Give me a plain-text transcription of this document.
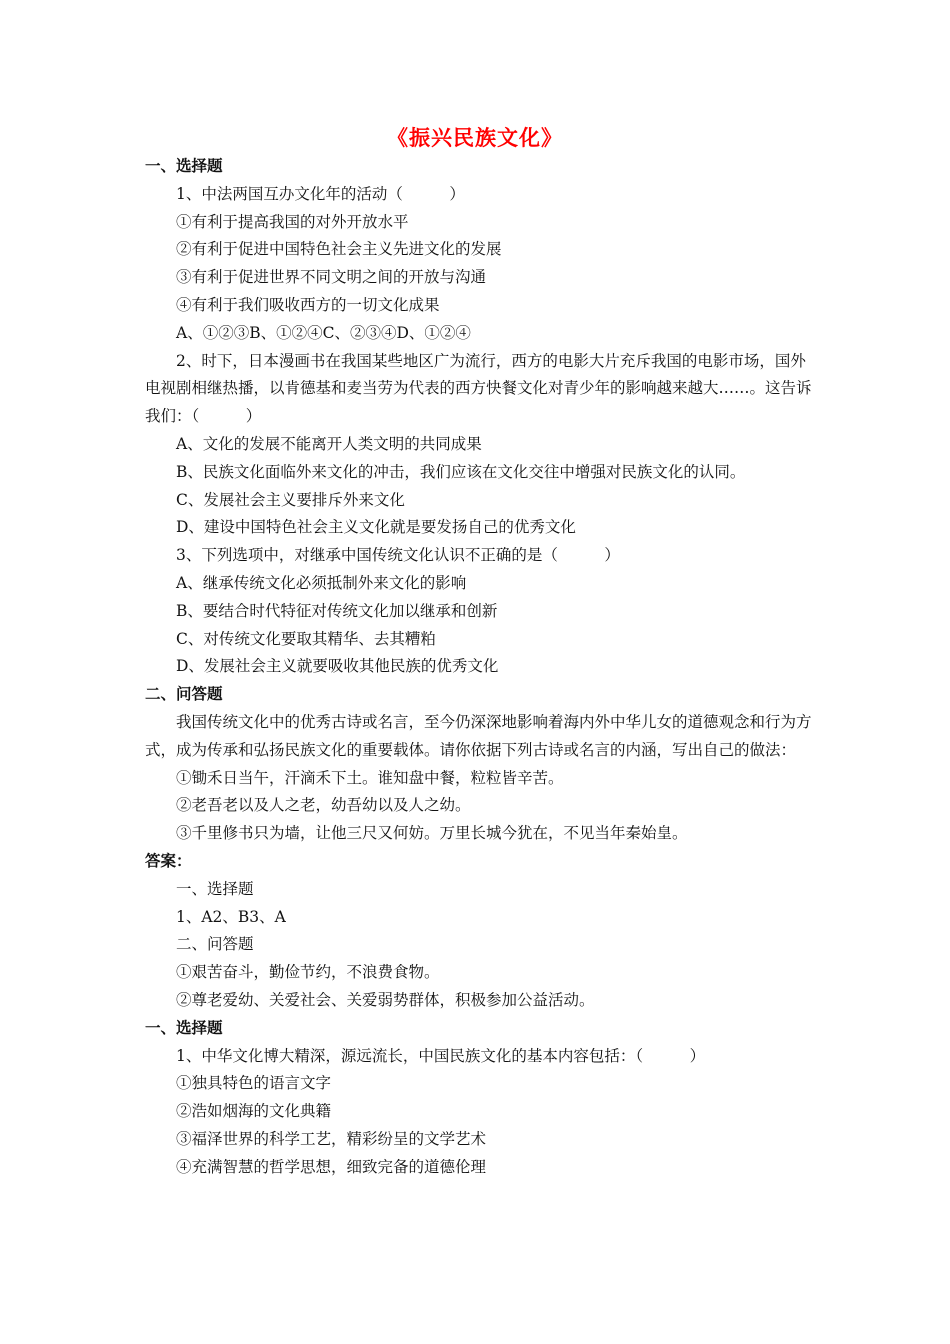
《振兴民族文化》
一、选择题
1、中法两国互办文化年的活动（　　　）
①有利于提高我国的对外开放水平
②有利于促进中国特色社会主义先进文化的发展
③有利于促进世界不同文明之间的开放与沟通
④有利于我们吸收西方的一切文化成果
A、①②③B、①②④C、②③④D、①②④
2、时下，日本漫画书在我国某些地区广为流行，西方的电影大片充斥我国的电影市场，国外电视剧相继热播，以肯德基和麦当劳为代表的西方快餐文化对青少年的影响越来越大……。这告诉我们：（　　　）
A、文化的发展不能离开人类文明的共同成果
B、民族文化面临外来文化的冲击，我们应该在文化交往中增强对民族文化的认同。
C、发展社会主义要排斥外来文化
D、建设中国特色社会主义文化就是要发扬自己的优秀文化
3、下列选项中，对继承中国传统文化认识不正确的是（　　　）
A、继承传统文化必须抵制外来文化的影响
B、要结合时代特征对传统文化加以继承和创新
C、对传统文化要取其精华、去其糟粕
D、发展社会主义就要吸收其他民族的优秀文化
二、问答题
我国传统文化中的优秀古诗或名言，至今仍深深地影响着海内外中华儿女的道德观念和行为方式，成为传承和弘扬民族文化的重要载体。请你依据下列古诗或名言的内涵，写出自己的做法：
①锄禾日当午，汗滴禾下土。谁知盘中餐，粒粒皆辛苦。
②老吾老以及人之老，幼吾幼以及人之幼。
③千里修书只为墙，让他三尺又何妨。万里长城今犹在，不见当年秦始皇。
答案：
一、选择题
1、A2、B3、A
二、问答题
①艰苦奋斗，勤俭节约，不浪费食物。
②尊老爱幼、关爱社会、关爱弱势群体，积极参加公益活动。
一、选择题
1、中华文化博大精深，源远流长，中国民族文化的基本内容包括：（　　　）
①独具特色的语言文字
②浩如烟海的文化典籍
③福泽世界的科学工艺，精彩纷呈的文学艺术
④充满智慧的哲学思想，细致完备的道德伦理
